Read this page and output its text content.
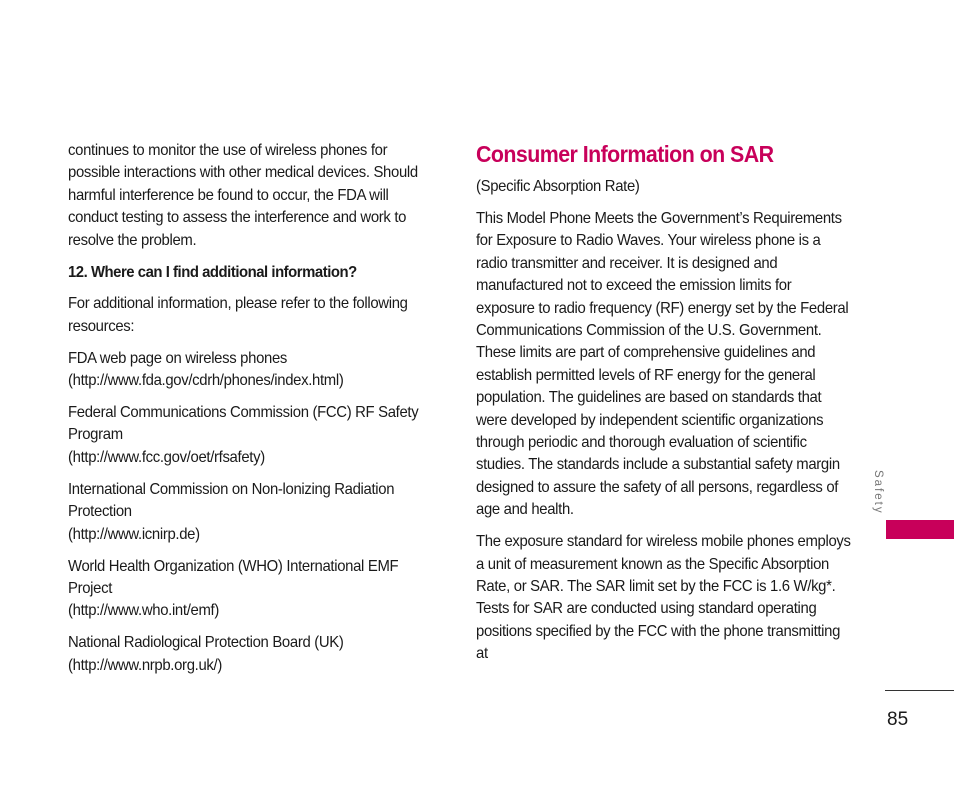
continues to monitor the use of wireless phones for possible interactions with other medical devices. Should harmful interference be found to occur, the FDA will conduct testing to assess the interference and work to resolve the problem.

12. Where can I find additional information?

For additional information, please refer to the following resources:

FDA web page on wireless phones
(http://www.fda.gov/cdrh/phones/index.html)

Federal Communications Commission (FCC) RF Safety Program
(http://www.fcc.gov/oet/rfsafety)

International Commission on Non-lonizing Radiation Protection
(http://www.icnirp.de)

World Health Organization (WHO) International EMF Project
(http://www.who.int/emf)

National Radiological Protection Board (UK)
(http://www.nrpb.org.uk/)

Consumer Information on SAR

(Specific Absorption Rate)

This Model Phone Meets the Government’s Requirements for Exposure to Radio Waves. Your wireless phone is a radio transmitter and receiver. It is designed and manufactured not to exceed the emission limits for exposure to radio frequency (RF) energy set by the Federal Communications Commission of the U.S. Government. These limits are part of comprehensive guidelines and establish permitted levels of RF energy for the general population. The guidelines are based on standards that were developed by independent scientific organizations through periodic and thorough evaluation of scientific studies. The standards include a substantial safety margin designed to assure the safety of all persons, regardless of age and health.

The exposure standard for wireless mobile phones employs a unit of measurement known as the Specific Absorption Rate, or SAR. The SAR limit set by the FCC is 1.6 W/kg*. Tests for SAR are conducted using standard operating positions specified by the FCC with the phone transmitting at

Safety
85
